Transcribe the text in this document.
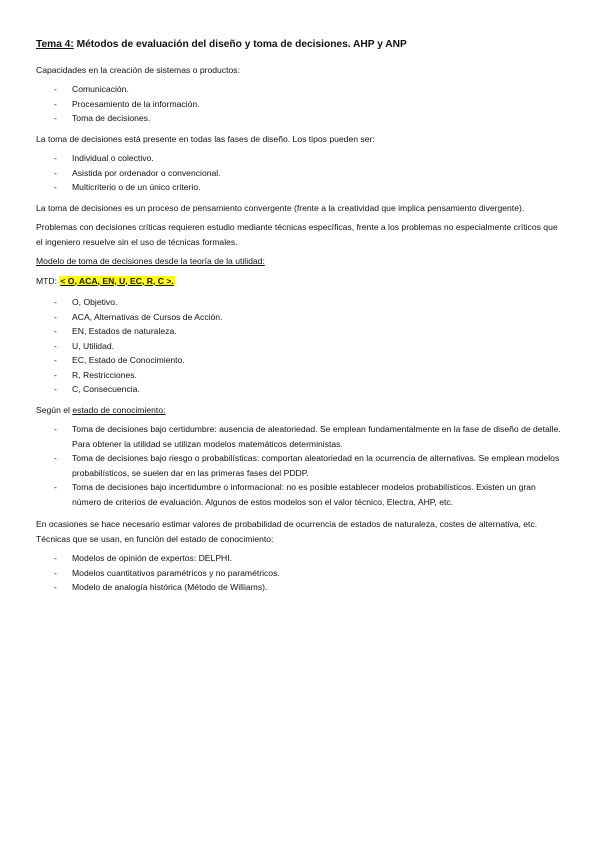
Tema 4: Métodos de evaluación del diseño y toma de decisiones. AHP y ANP

Capacidades en la creación de sistemas o productos:

- Comunicación.
- Procesamiento de la información.
- Toma de decisiones.

La toma de decisiones está presente en todas las fases de diseño. Los tipos pueden ser:

- Individual o colectivo.
- Asistida por ordenador o convencional.
- Multicriterio o de un único criterio.

La toma de decisiones es un proceso de pensamiento convergente (frente a la creatividad que implica pensamiento divergente).

Problemas con decisiones críticas requieren estudio mediante técnicas específicas, frente a los problemas no especialmente críticos que el ingeniero resuelve sin el uso de técnicas formales.

Modelo de toma de decisiones desde la teoría de la utilidad:

MTD: < O, ACA, EN, U, EC, R, C >.

- O, Objetivo.
- ACA, Alternativas de Cursos de Acción.
- EN, Estados de naturaleza.
- U, Utilidad.
- EC, Estado de Conocimiento.
- R, Restricciones.
- C, Consecuencia.

Según el estado de conocimiento:

- Toma de decisiones bajo certidumbre: ausencia de aleatoriedad. Se emplean fundamentalmente en la fase de diseño de detalle. Para obtener la utilidad se utilizan modelos matemáticos deterministas.
- Toma de decisiones bajo riesgo o probabilísticas: comportan aleatoriedad en la ocurrencia de alternativas. Se emplean modelos probabilísticos, se suelen dar en las primeras fases del PDDP.
- Toma de decisiones bajo incertidumbre o informacional: no es posible establecer modelos probabilísticos. Existen un gran número de criterios de evaluación. Algunos de estos modelos son el valor técnico, Electra, AHP, etc.

En ocasiones se hace necesario estimar valores de probabilidad de ocurrencia de estados de naturaleza, costes de alternativa, etc. Técnicas que se usan, en función del estado de conocimiento:

- Modelos de opinión de expertos: DELPHI.
- Modelos cuantitativos paramétricos y no paramétricos.
- Modelo de analogía histórica (Método de Williams).
